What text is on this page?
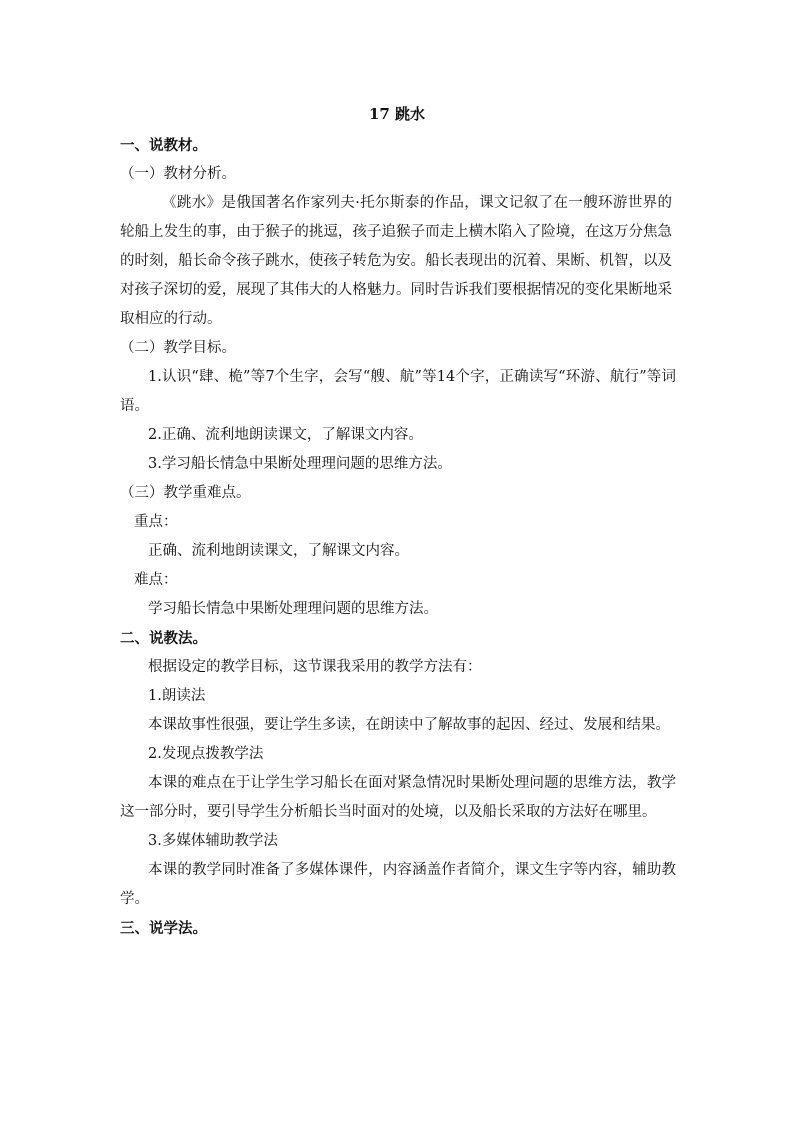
17 跳水
一、说教材。
（一）教材分析。
《跳水》是俄国著名作家列夫·托尔斯泰的作品，课文记叙了在一艘环游世界的轮船上发生的事，由于猴子的挑逗，孩子追猴子而走上横木陷入了险境，在这万分焦急的时刻，船长命令孩子跳水，使孩子转危为安。船长表现出的沉着、果断、机智，以及对孩子深切的爱，展现了其伟大的人格魅力。同时告诉我们要根据情况的变化果断地采取相应的行动。
（二）教学目标。
1.认识“肆、桅”等7个生字，会写“艘、航”等14个字，正确读写“环游、航行”等词语。
2.正确、流利地朗读课文，了解课文内容。
3.学习船长情急中果断处理理问题的思维方法。
（三）教学重难点。
重点：
正确、流利地朗读课文，了解课文内容。
难点：
学习船长情急中果断处理理问题的思维方法。
二、说教法。
根据设定的教学目标，这节课我采用的教学方法有：
1.朗读法
本课故事性很强，要让学生多读，在朗读中了解故事的起因、经过、发展和结果。
2.发现点拨教学法
本课的难点在于让学生学习船长在面对紧急情况时果断处理问题的思维方法，教学这一部分时，要引导学生分析船长当时面对的处境，以及船长采取的方法好在哪里。
3.多媒体辅助教学法
本课的教学同时准备了多媒体课件，内容涵盖作者简介，课文生字等内容，辅助教学。
三、说学法。
